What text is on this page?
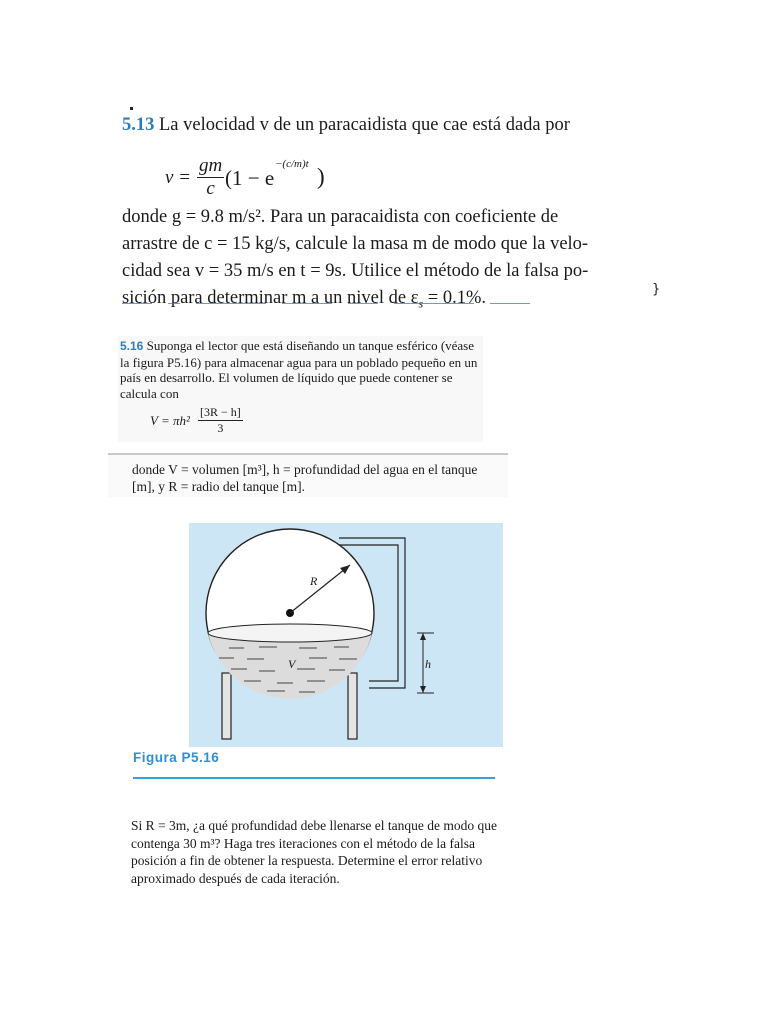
5.13 La velocidad v de un paracaidista que cae está dada por
$v = \frac{gm}{c} (1 - e$
−(c/m)t )
donde g = 9.8 m/s². Para un paracaidista con coeficiente de
arrastre de c = 15 kg/s, calcule la masa m de modo que la velo-
cidad sea v = 35 m/s en t = 9s. Utilice el método de la falsa po-
sición para determinar m a un nivel de ε = 0.1%.	}
5.16 Suponga el lector que está diseñando un tanque esférico (véase la figura P5.16) para almacenar agua para un poblado pequeño en un país en desarrollo. El volumen de líquido que puede contener se calcula con
$V = \pi h^2 \frac{[3R - h]}{3}$
donde V = volumen [m³], h = profundidad del agua en el tanque [m], y R = radio del tanque [m].
R
V	h
Figura P5.16
Si R = 3m, ¿a qué profundidad debe llenarse el tanque de modo que contenga 30 m³? Haga tres iteraciones con el método de la falsa posición a fin de obtener la respuesta. Determine el error relativo aproximado después de cada iteración.
